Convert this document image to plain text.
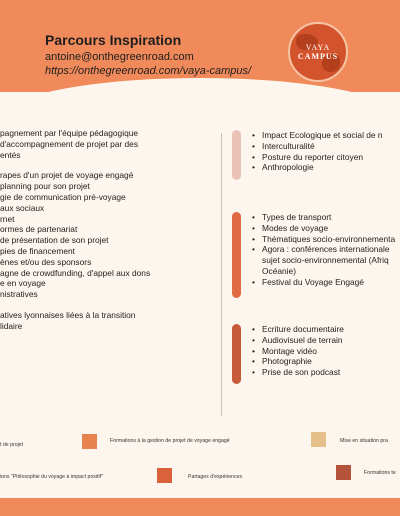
Parcours Inspiration
antoine@onthegreenroad.com
https://onthegreenroad.com/vaya-campus/
VAYA
CAMPUS
pagnement par l'équipe pédagogique
d'accompagnement de projet par des
entés
rapes d'un projet de voyage engagé
planning pour son projet
gie de communication pré-voyage
aux sociaux
rnet
ormes de partenariat
de présentation de son projet
pies de financement
ènes et/ou des sponsors
agne de crowdfunding, d'appel aux dons
e en voyage
nistratives
atives lyonnaises liées à la transition
lidaire
• Impact Ecologique et social de n
• Interculturalité
• Posture du reporter citoyen
• Anthropologie
• Types de transport
• Modes de voyage
• Thématiques socio-environnementa
• Agora : conférences internationale
sujet socio-environnemental (Afriq
Océanie)
• Festival du Voyage Engagé
• Ecriture documentaire
• Audiovisuel de terrain
• Montage vidéo
• Photographie
• Prise de son podcast
t de projet
Formations à la gestion de projet de voyage engagé	Mise en situation pra
ions "Philosophie du voyage à impact positif"	Partages d'expériences
Formations te
